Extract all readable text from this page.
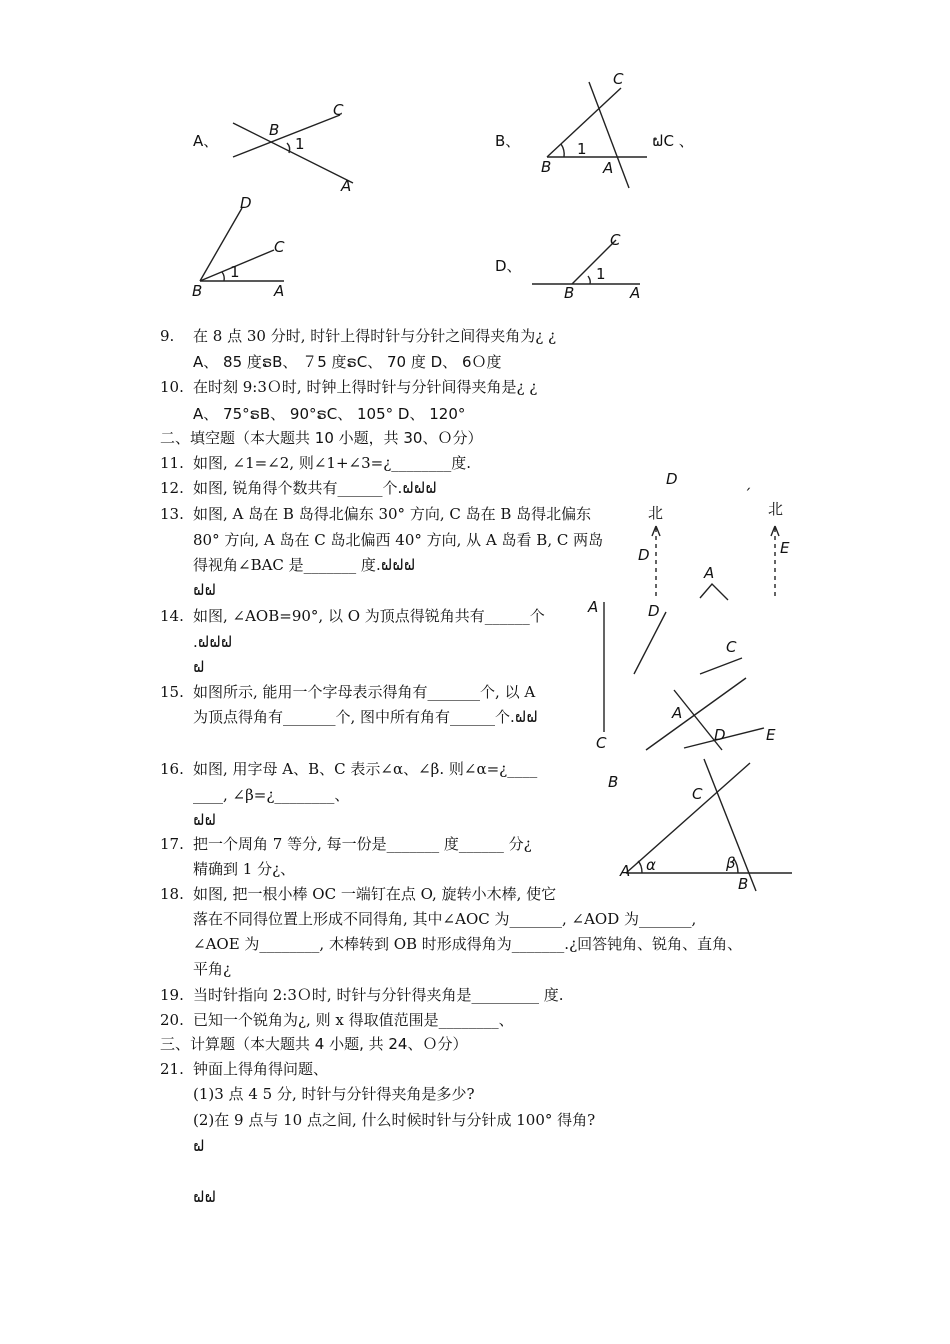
A、
B
C
A
1	B、
C
B	A
1	ຝC 、
D
C
B	A
1	D、
C
B	A
1
9. 在 8 点 30 分时, 时针上得时针与分针之间得夹角为¿ ¿
A、 85 度ຣB、 ７5 度ຣC、 70 度 D、 6Ｏ度
10. 在时刻 9:3Ｏ时, 时钟上得时针与分针间得夹角是¿ ¿
A、 75°ຣB、 90°ຣC、 105° D、 120°
二、填空题（本大题共 10 小题，共 30、Ｏ分）
11. 如图, ∠1=∠2, 则∠1+∠3=¿________度.
12. 如图, 锐角得个数共有______个.ຝຝຝ
13. 如图, A 岛在 B 岛得北偏东 30° 方向, C 岛在 B 岛得北偏东
80° 方向, A 岛在 C 岛北偏西 40° 方向, 从 A 岛看 B, C 两岛
得视角∠BAC 是_______ 度.ຝຝຝ
ຝຝ
14. 如图, ∠AOB=90°, 以 O 为顶点得锐角共有______个
.ຝຝຝ
ຝ
15. 如图所示, 能用一个字母表示得角有_______个, 以 A
为顶点得角有_______个, 图中所有角有______个.ຝຝ
16. 如图, 用字母 A、B、C 表示∠α、∠β. 则∠α=¿____
____, ∠β=¿________、
ຝຝ
17. 把一个周角 7 等分, 每一份是_______ 度______ 分¿
精确到 1 分¿、
18. 如图, 把一根小棒 OC 一端钉在点 O, 旋转小木棒, 使它
落在不同得位置上形成不同得角, 其中∠AOC 为_______, ∠AOD 为_______,
∠AOE 为________, 木棒转到 OB 时形成得角为_______.¿回答钝角、锐角、直角、
平角¿
19. 当时针指向 2:3Ｏ时, 时针与分针得夹角是_________ 度.
20. 已知一个锐角为¿, 则 x 得取值范围是________、
三、计算题（本大题共 4 小题, 共 24、Ｏ分）
21. 钟面上得角得问题、
(1)3 点 4 5 分, 时针与分针得夹角是多少?
(2)在 9 点与 10 点之间, 什么时候时针与分针成 100° 得角?
ຝ
ຝຝ
D
北	北
ˊ
D	E
A
A
C
D
C
A
D	E
B
C
A
B
α	β
